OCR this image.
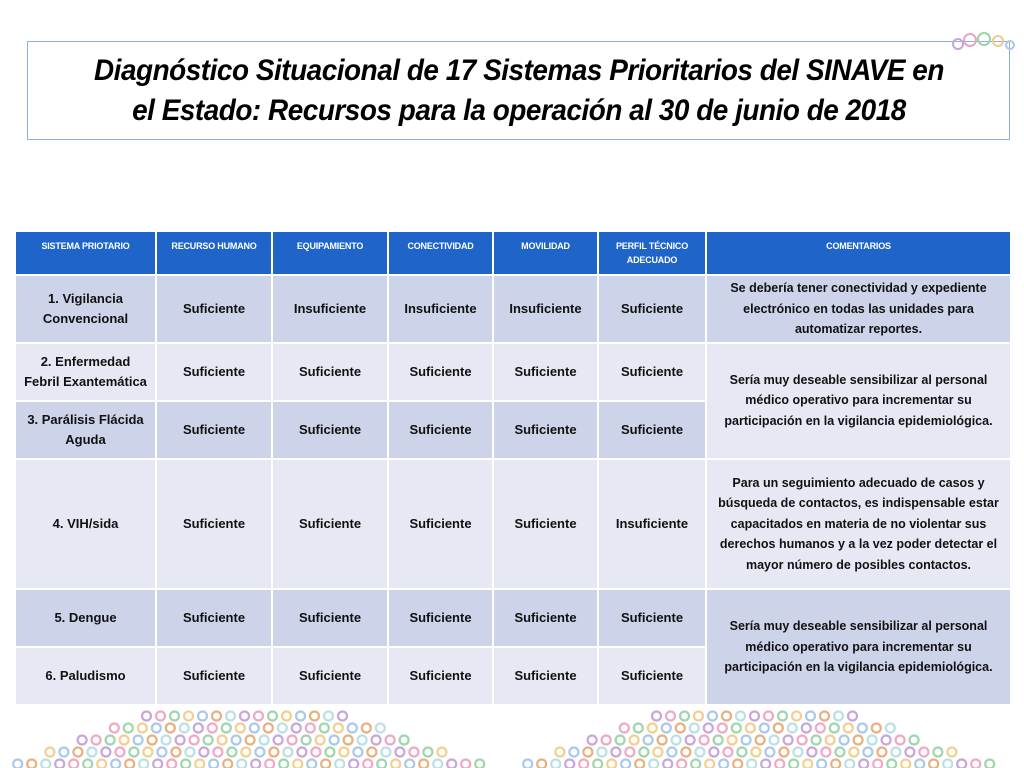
Diagnóstico Situacional de 17 Sistemas Prioritarios del SINAVE en
el Estado: Recursos para la operación al 30 de junio de 2018
SISTEMA PRIOTARIO	RECURSO HUMANO	EQUIPAMIENTO	CONECTIVIDAD	MOVILIDAD	PERFIL TÉCNICO ADECUADO	COMENTARIOS
1. Vigilancia Convencional	Suficiente	Insuficiente	Insuficiente	Insuficiente	Suficiente	Se debería tener conectividad y expediente electrónico en todas las unidades para automatizar reportes.
2. Enfermedad Febril Exantemática	Suficiente	Suficiente	Suficiente	Suficiente	Suficiente	Sería muy deseable sensibilizar al personal médico operativo para incrementar su participación en la vigilancia epidemiológica.
3. Parálisis Flácida Aguda	Suficiente	Suficiente	Suficiente	Suficiente	Suficiente	
4. VIH/sida	Suficiente	Suficiente	Suficiente	Suficiente	Insuficiente	Para un seguimiento adecuado de casos y búsqueda de contactos, es indispensable estar capacitados en materia de no violentar sus derechos humanos y a la vez poder detectar el mayor número de posibles contactos.
5. Dengue	Suficiente	Suficiente	Suficiente	Suficiente	Suficiente	Sería muy deseable sensibilizar al personal médico operativo para incrementar su participación en la vigilancia epidemiológica.
6. Paludismo	Suficiente	Suficiente	Suficiente	Suficiente	Suficiente	
